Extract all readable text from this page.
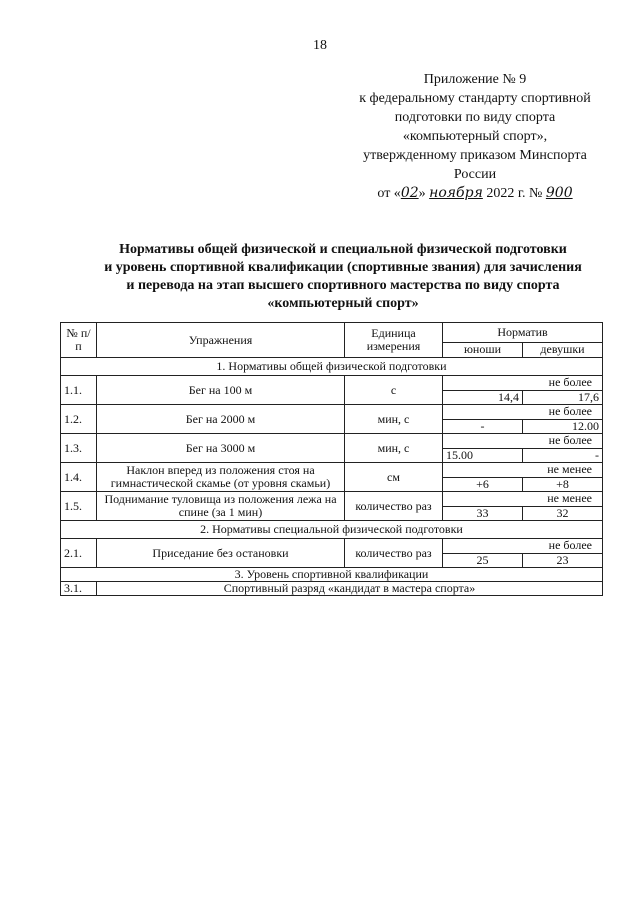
18
Приложение № 9
к федеральному стандарту спортивной
подготовки по виду спорта
«компьютерный спорт»,
утвержденному приказом Минспорта
России
от «02» ноября 2022 г. № 900
Нормативы общей физической и специальной физической подготовки
и уровень спортивной квалификации (спортивные звания) для зачисления
и перевода на этап высшего спортивного мастерства по виду спорта
«компьютерный спорт»
№ п/п	Упражнения	Единица измерения	Норматив	
			юноши	девушки
1. Нормативы общей физической подготовки				
1.1.	Бег на 100 м	с	не более	
			14,4	17,6
1.2.	Бег на 2000 м	мин, с	не более	
			-	12.00
1.3.	Бег на 3000 м	мин, с	не более	
			15.00	-
1.4.	Наклон вперед из положения стоя на гимнастической скамье (от уровня скамьи)	см	не менее	
			+6	+8
1.5.	Поднимание туловища из положения лежа на спине (за 1 мин)	количество раз	не менее	
			33	32
2. Нормативы специальной физической подготовки				
2.1.	Приседание без остановки	количество раз	не более	
			25	23
3. Уровень спортивной квалификации				
3.1.	Спортивный разряд «кандидат в мастера спорта»			
